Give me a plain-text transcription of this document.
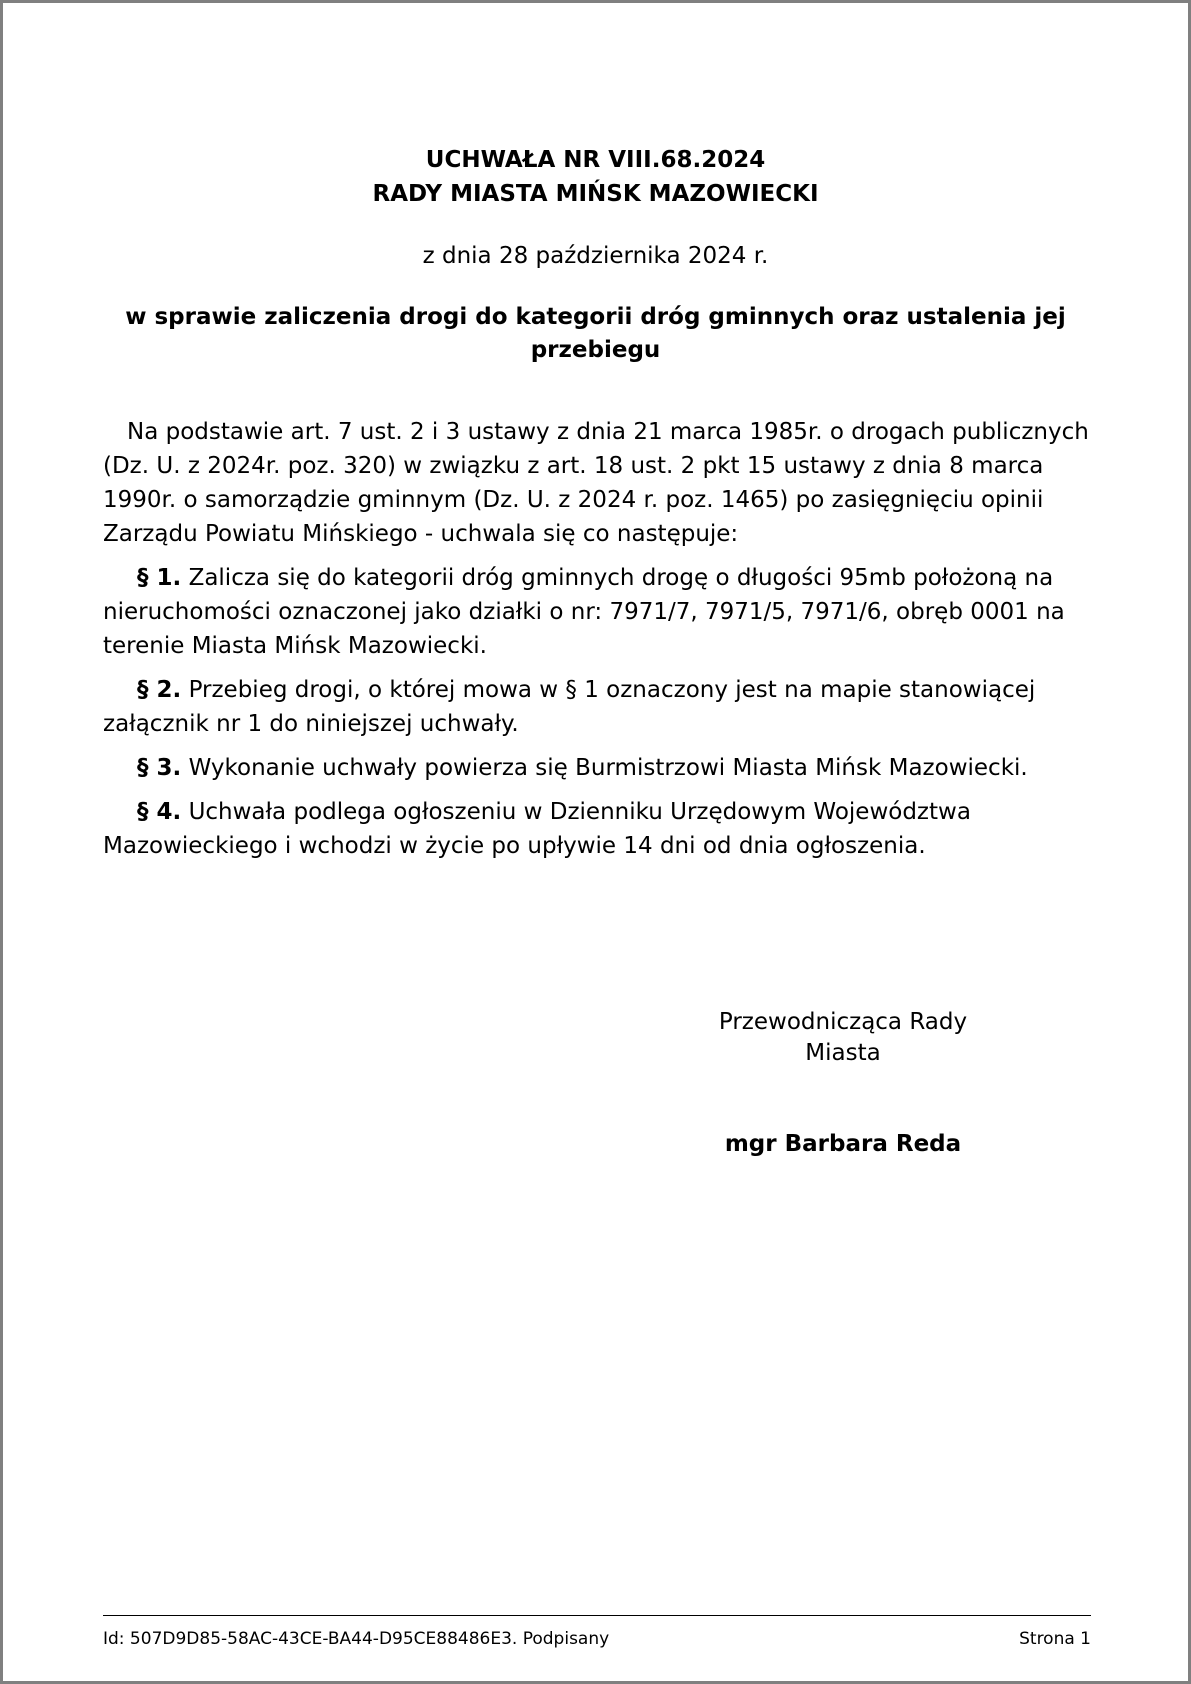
UCHWAŁA NR VIII.68.2024
RADY MIASTA MIŃSK MAZOWIECKI
z dnia 28 października 2024 r.
w sprawie zaliczenia drogi do kategorii dróg gminnych oraz ustalenia jej przebiegu

Na podstawie art. 7 ust. 2 i 3 ustawy z dnia 21 marca 1985r. o drogach publicznych (Dz. U. z 2024r. poz. 320) w związku z art. 18 ust. 2 pkt 15 ustawy z dnia 8 marca 1990r. o samorządzie gminnym (Dz. U. z 2024 r. poz. 1465) po zasięgnięciu opinii Zarządu Powiatu Mińskiego - uchwala się co następuje:

§ 1. Zalicza się do kategorii dróg gminnych drogę o długości 95mb położoną na nieruchomości oznaczonej jako działki o nr: 7971/7, 7971/5, 7971/6, obręb 0001 na terenie Miasta Mińsk Mazowiecki.

§ 2. Przebieg drogi, o której mowa w § 1 oznaczony jest na mapie stanowiącej załącznik nr 1 do niniejszej uchwały.

§ 3. Wykonanie uchwały powierza się Burmistrzowi Miasta Mińsk Mazowiecki.

§ 4. Uchwała podlega ogłoszeniu w Dzienniku Urzędowym Województwa Mazowieckiego i wchodzi w życie po upływie 14 dni od dnia ogłoszenia.

Przewodnicząca Rady
Miasta
mgr Barbara Reda
Id: 507D9D85-58AC-43CE-BA44-D95CE88486E3. Podpisany	Strona 1
